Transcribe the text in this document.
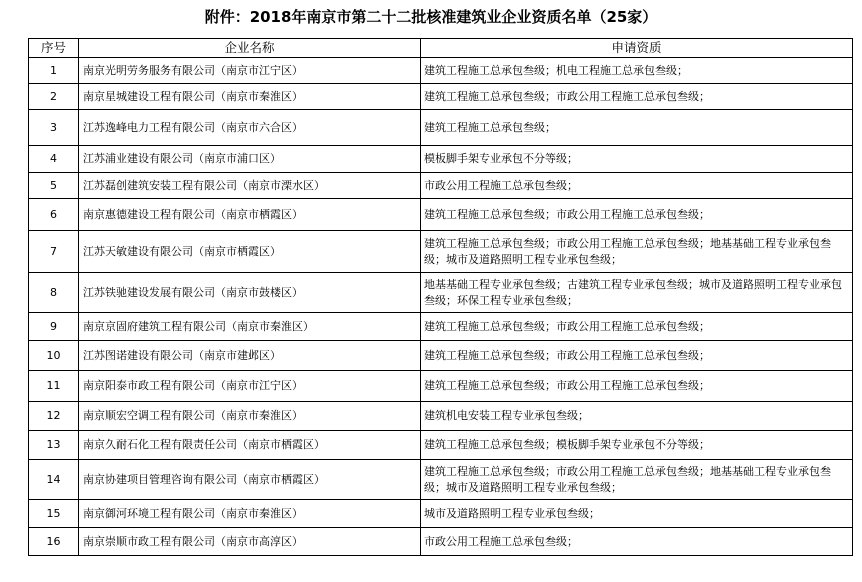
附件：2018年南京市第二十二批核准建筑业企业资质名单（25家）
序号	企业名称	申请资质
1	南京光明劳务服务有限公司（南京市江宁区）	建筑工程施工总承包叁级；机电工程施工总承包叁级；
2	南京星城建设工程有限公司（南京市秦淮区）	建筑工程施工总承包叁级；市政公用工程施工总承包叁级；
3	江苏逸峰电力工程有限公司（南京市六合区）	建筑工程施工总承包叁级；
4	江苏浦业建设有限公司（南京市浦口区）	模板脚手架专业承包不分等级；
5	江苏磊创建筑安装工程有限公司（南京市溧水区）	市政公用工程施工总承包叁级；
6	南京惠德建设工程有限公司（南京市栖霞区）	建筑工程施工总承包叁级；市政公用工程施工总承包叁级；
7	江苏天敏建设有限公司（南京市栖霞区）	建筑工程施工总承包叁级；市政公用工程施工总承包叁级；地基基础工程专业承包叁级；城市及道路照明工程专业承包叁级；
8	江苏铁驰建设发展有限公司（南京市鼓楼区）	地基基础工程专业承包叁级；古建筑工程专业承包叁级；城市及道路照明工程专业承包叁级；环保工程专业承包叁级；
9	南京京固府建筑工程有限公司（南京市秦淮区）	建筑工程施工总承包叁级；市政公用工程施工总承包叁级；
10	江苏图诺建设有限公司（南京市建邺区）	建筑工程施工总承包叁级；市政公用工程施工总承包叁级；
11	南京阳泰市政工程有限公司（南京市江宁区）	建筑工程施工总承包叁级；市政公用工程施工总承包叁级；
12	南京顺宏空调工程有限公司（南京市秦淮区）	建筑机电安装工程专业承包叁级；
13	南京久耐石化工程有限责任公司（南京市栖霞区）	建筑工程施工总承包叁级；模板脚手架专业承包不分等级；
14	南京协建项目管理咨询有限公司（南京市栖霞区）	建筑工程施工总承包叁级；市政公用工程施工总承包叁级；地基基础工程专业承包叁级；城市及道路照明工程专业承包叁级；
15	南京御河环境工程有限公司（南京市秦淮区）	城市及道路照明工程专业承包叁级；
16	南京崇顺市政工程有限公司（南京市高淳区）	市政公用工程施工总承包叁级；
